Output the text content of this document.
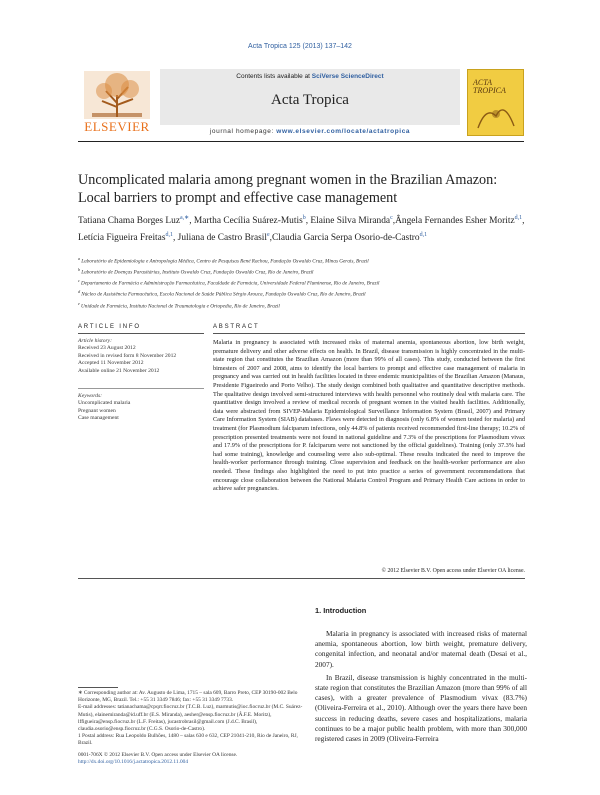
Acta Tropica 125 (2013) 137–142
Contents lists available at SciVerse ScienceDirect
Acta Tropica
journal homepage: www.elsevier.com/locate/actatropica
ELSEVIER
ACTA TROPICA
Uncomplicated malaria among pregnant women in the Brazilian Amazon:
Local barriers to prompt and effective case management
Tatiana Chama Borges Luz$^{a,∗}$, Martha Cecília Suárez-Mutis$^b$, Elaine Silva Miranda$^c$,Ângela Fernandes Esher Moritz$^{d,1}$, Letícia Figueira Freitas$^{d,1}$, Juliana de Castro Brasil$^e$,Claudia Garcia Serpa Osorio-de-Castro$^{d,1}$
$^a$ Laboratório de Epidemiologia e Antropologia Médica, Centro de Pesquisas René Rachou, Fundação Oswaldo Cruz, Minas Gerais, Brazil
$^b$ Laboratório de Doenças Parasitárias, Instituto Oswaldo Cruz, Fundação Oswaldo Cruz, Rio de Janeiro, Brazil
$^c$ Departamento de Farmácia e Administração Farmacêutica, Faculdade de Farmácia, Universidade Federal Fluminense, Rio de Janeiro, Brazil
$^d$ Núcleo de Assistência Farmacêutica, Escola Nacional de Saúde Pública Sérgio Arouca, Fundação Oswaldo Cruz, Rio de Janeiro, Brazil
$^e$ Unidade de Farmácia, Instituto Nacional de Traumatologia e Ortopedia, Rio de Janeiro, Brazil
ARTICLE INFO	ABSTRACT
Article history:
Received 23 August 2012
Received in revised form 8 November 2012
Accepted 11 November 2012
Available online 21 November 2012
Keywords:
Uncomplicated malaria
Pregnant women
Case management
Malaria in pregnancy is associated with increased risks of maternal anemia, spontaneous abortion, low birth weight, premature delivery and other adverse effects on health. In Brazil, disease transmission is highly concentrated in the multi-state region that constitutes the Brazilian Amazon (more than 99% of all cases). This study, conducted between the first bimesters of 2007 and 2008, aims to identify the local barriers to prompt and effective case management of malaria in pregnancy and was carried out in health facilities located in three endemic municipalities of the Brazilian Amazon (Manaus, Presidente Figueiredo and Porto Velho). The study design combined both qualitative and quantitative descriptive methods. The qualitative design involved semi-structured interviews with health personnel who routinely deal with malaria care. The quantitative design involved a review of medical records of pregnant women in the visited health facilities. Additionally, data were abstracted from SIVEP-Malaria Epidemiological Surveillance Information System (Brasil, 2007) and Primary Care Information System (SIAB) databases. Flaws were detected in diagnosis (only 6.8% of women tested for malaria) and treatment (for Plasmodium falciparum infections, only 44.8% of patients received recommended first-line therapy; 10.2% of prescription presented treatments were not found in national guideline and 7.3% of the prescriptions for Plasmodium vivax and 17.9% of the prescriptions for P. falciparum were not sanctioned by the official guidelines). Training (only 37.3% had had some training), knowledge and counseling were also sub-optimal. These results indicated the need to improve the health-worker performance through training. Close supervision and feedback on the health-worker performance are also needed. These findings also highlighted the need to put into practice a series of government recommendations that encourage close collaboration between the National Malaria Control Program and Primary Health Care actions in order to achieve safer pregnancies.
© 2012 Elsevier B.V. Open access under Elsevier OA license.
1. Introduction

Malaria in pregnancy is associated with increased risks of maternal anemia, spontaneous abortion, low birth weight, premature delivery, congenital infection, and neonatal and/or maternal death (Desai et al., 2007).

In Brazil, disease transmission is highly concentrated in the multi-state region that constitutes the Brazilian Amazon (more than 99% of all cases), with a greater prevalence of Plasmodium vivax (83.7%) (Oliveira-Ferreira et al., 2010). Although over the years there have been success in reducing deaths, severe cases and hospitalizations, malaria continues to be a major public health problem, with more than 300,000 registered cases in 2009 (Oliveira-Ferreira

∗ Corresponding author at: Av. Augusto de Lima, 1715 – sala 609, Barro Preto, CEP 30190-002 Belo Horizonte, MG, Brazil. Tel.: +55 31 3349 7846; fax: +55 31 3349 7733.
E-mail addresses: tatianachama@cpqrr.fiocruz.br (T.C.B. Luz), marmutis@ioc.fiocruz.br (M.C. Suárez-Mutis), elainemiranda@id.uff.br (E.S. Miranda), aesher@ensp.fiocruz.br (Â.F.E. Moritz), lffigueira@ensp.fiocruz.br (L.F. Freitas), jucastrobrasil@gmail.com (J.d.C. Brasil), claudia.osorio@ensp.fiocruz.br (C.G.S. Osorio-de-Castro).
1 Postal address: Rua Leopoldo Bulhões, 1480 – salas 630 e 632, CEP 21041-210, Rio de Janeiro, RJ, Brazil.
0001-706X © 2012 Elsevier B.V. Open access under Elsevier OA license.
http://dx.doi.org/10.1016/j.actatropica.2012.11.004
